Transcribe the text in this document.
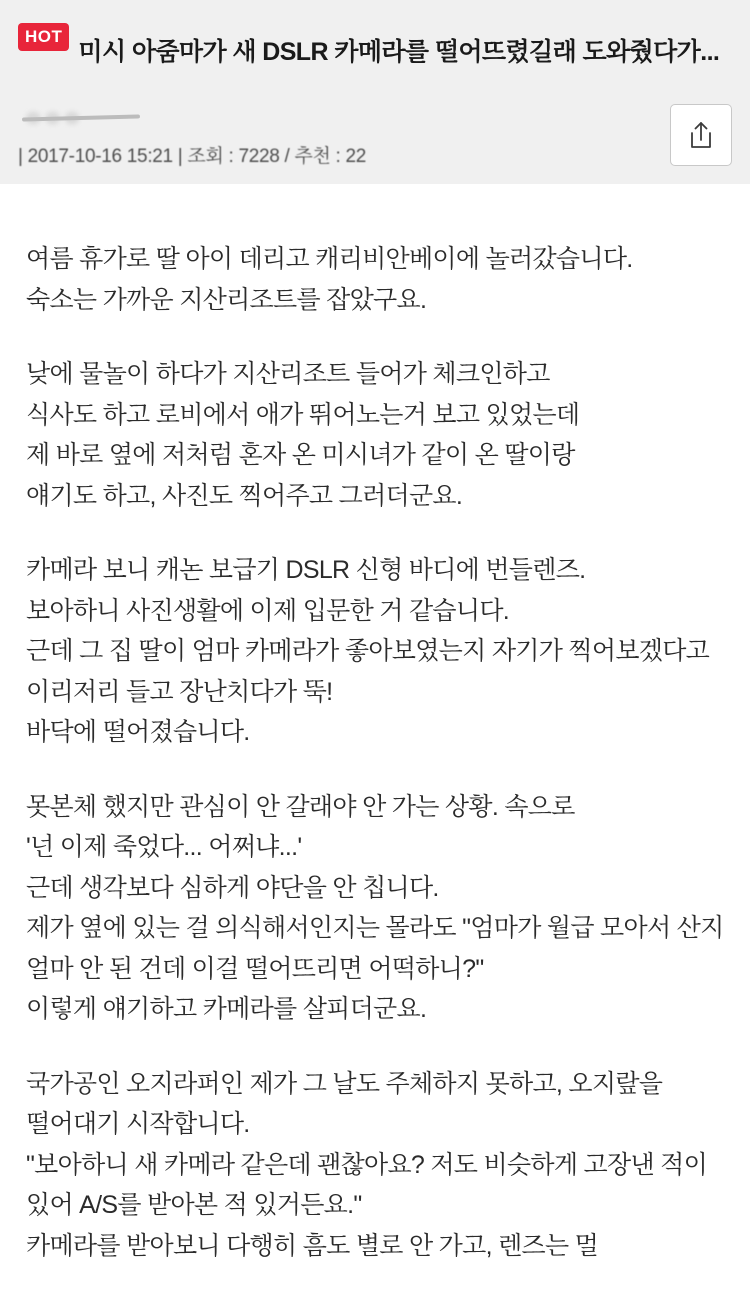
HOT
미시 아줌마가 새 DSLR 카메라를 떨어뜨렸길래 도와줬다가...
| 2017-10-16 15:21 | 조회 : 7228 / 추천 : 22

여름 휴가로 딸 아이 데리고 캐리비안베이에 놀러갔습니다.
숙소는 가까운 지산리조트를 잡았구요.

낮에 물놀이 하다가 지산리조트 들어가 체크인하고
식사도 하고 로비에서 애가 뛰어노는거 보고 있었는데
제 바로 옆에 저처럼 혼자 온 미시녀가 같이 온 딸이랑
얘기도 하고, 사진도 찍어주고 그러더군요.

카메라 보니 캐논 보급기 DSLR 신형 바디에 번들렌즈.
보아하니 사진생활에 이제 입문한 거 같습니다.
근데 그 집 딸이 엄마 카메라가 좋아보였는지 자기가 찍어보겠다고 이리저리 들고 장난치다가 뚝!
바닥에 떨어졌습니다.

못본체 했지만 관심이 안 갈래야 안 가는 상황. 속으로
'넌 이제 죽었다... 어쩌냐...'
근데 생각보다 심하게 야단을 안 칩니다.
제가 옆에 있는 걸 의식해서인지는 몰라도 "엄마가 월급 모아서 산지 얼마 안 된 건데 이걸 떨어뜨리면 어떡하니?"
이렇게 얘기하고 카메라를 살피더군요.

국가공인 오지라퍼인 제가 그 날도 주체하지 못하고, 오지랖을 떨어대기 시작합니다.
"보아하니 새 카메라 같은데 괜찮아요? 저도 비슷하게 고장낸 적이 있어 A/S를 받아본 적 있거든요."
카메라를 받아보니 다행히 흠도 별로 안 가고, 렌즈는 멀
